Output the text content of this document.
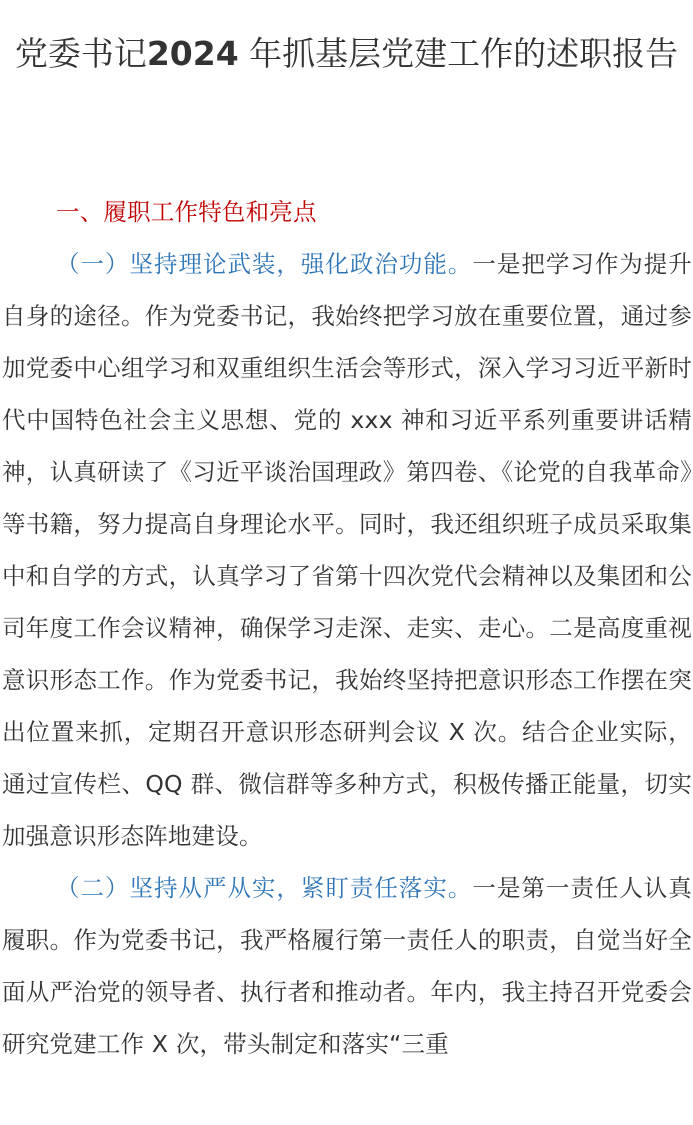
党委书记2024 年抓基层党建工作的述职报告

一、履职工作特色和亮点

（一）坚持理论武装，强化政治功能。一是把学习作为提升自身的途径。作为党委书记，我始终把学习放在重要位置，通过参加党委中心组学习和双重组织生活会等形式，深入学习习近平新时代中国特色社会主义思想、党的 xxx 神和习近平系列重要讲话精神，认真研读了《习近平谈治国理政》第四卷、《论党的自我革命》等书籍，努力提高自身理论水平。同时，我还组织班子成员采取集中和自学的方式，认真学习了省第十四次党代会精神以及集团和公司年度工作会议精神，确保学习走深、走实、走心。二是高度重视意识形态工作。作为党委书记，我始终坚持把意识形态工作摆在突出位置来抓，定期召开意识形态研判会议 X 次。结合企业实际，通过宣传栏、QQ 群、微信群等多种方式，积极传播正能量，切实加强意识形态阵地建设。

（二）坚持从严从实，紧盯责任落实。一是第一责任人认真履职。作为党委书记，我严格履行第一责任人的职责，自觉当好全面从严治党的领导者、执行者和推动者。年内，我主持召开党委会研究党建工作 X 次，带头制定和落实“三重
